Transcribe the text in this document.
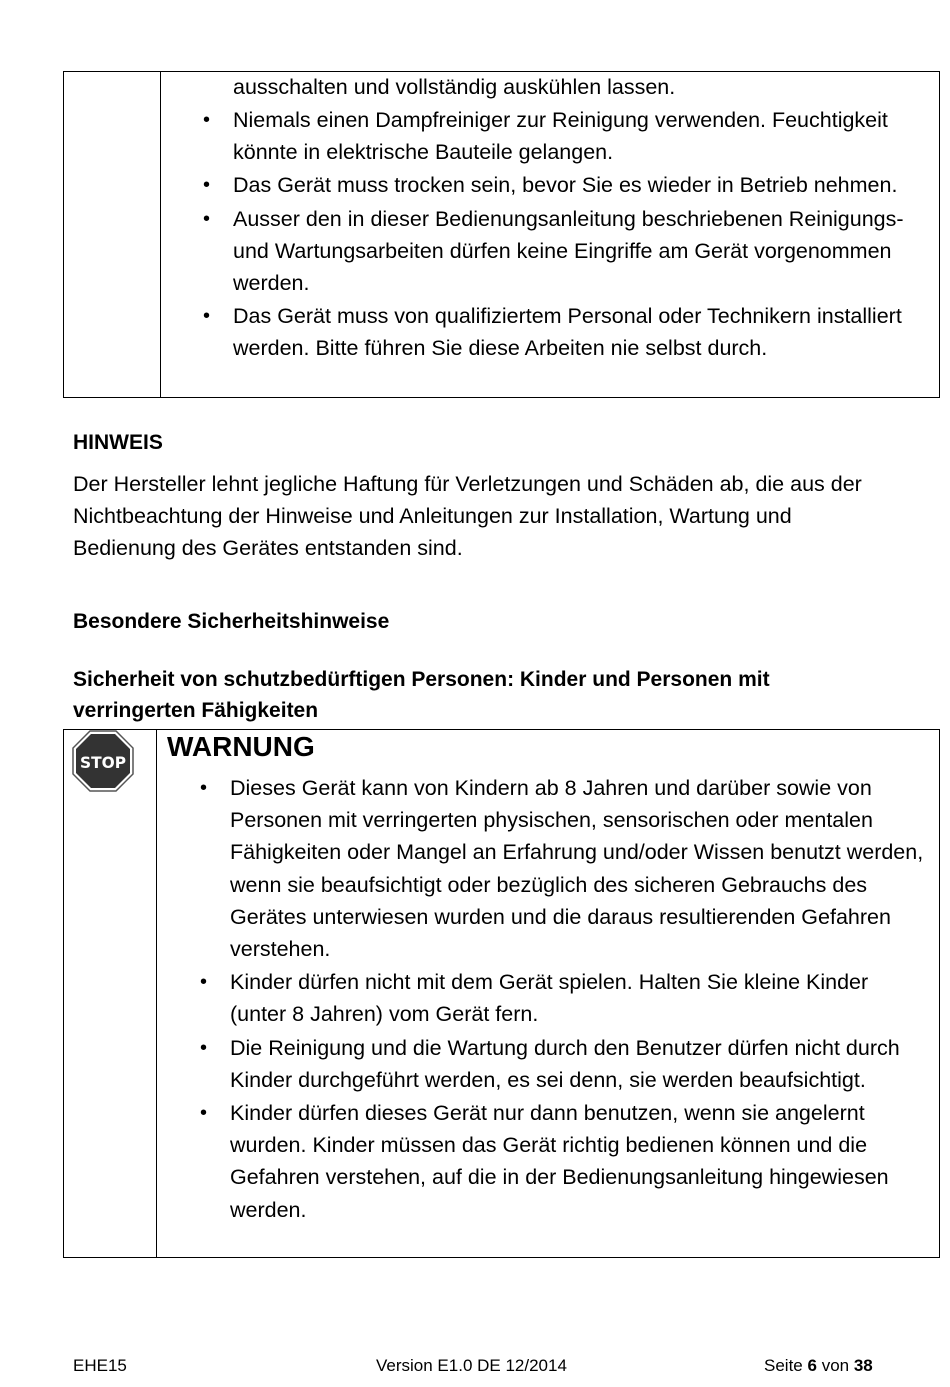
ausschalten und vollständig auskühlen lassen.
• Niemals einen Dampfreiniger zur Reinigung verwenden. Feuchtigkeit könnte in elektrische Bauteile gelangen.
• Das Gerät muss trocken sein, bevor Sie es wieder in Betrieb nehmen.
• Ausser den in dieser Bedienungsanleitung beschriebenen Reinigungs- und Wartungsarbeiten dürfen keine Eingriffe am Gerät vorgenommen werden.
• Das Gerät muss von qualifiziertem Personal oder Technikern installiert werden. Bitte führen Sie diese Arbeiten nie selbst durch.
HINWEIS
Der Hersteller lehnt jegliche Haftung für Verletzungen und Schäden ab, die aus der Nichtbeachtung der Hinweise und Anleitungen zur Installation, Wartung und Bedienung des Gerätes entstanden sind.
Besondere Sicherheitshinweise
Sicherheit von schutzbedürftigen Personen: Kinder und Personen mit verringerten Fähigkeiten
STOP
WARNUNG
• Dieses Gerät kann von Kindern ab 8 Jahren und darüber sowie von Personen mit verringerten physischen, sensorischen oder mentalen Fähigkeiten oder Mangel an Erfahrung und/oder Wissen benutzt werden, wenn sie beaufsichtigt oder bezüglich des sicheren Gebrauchs des Gerätes unterwiesen wurden und die daraus resultierenden Gefahren verstehen.
• Kinder dürfen nicht mit dem Gerät spielen. Halten Sie kleine Kinder (unter 8 Jahren) vom Gerät fern.
• Die Reinigung und die Wartung durch den Benutzer dürfen nicht durch Kinder durchgeführt werden, es sei denn, sie werden beaufsichtigt.
• Kinder dürfen dieses Gerät nur dann benutzen, wenn sie angelernt wurden. Kinder müssen das Gerät richtig bedienen können und die Gefahren verstehen, auf die in der Bedienungsanleitung hingewiesen werden.
EHE15	Version E1.0 DE 12/2014	Seite 6 von 38
